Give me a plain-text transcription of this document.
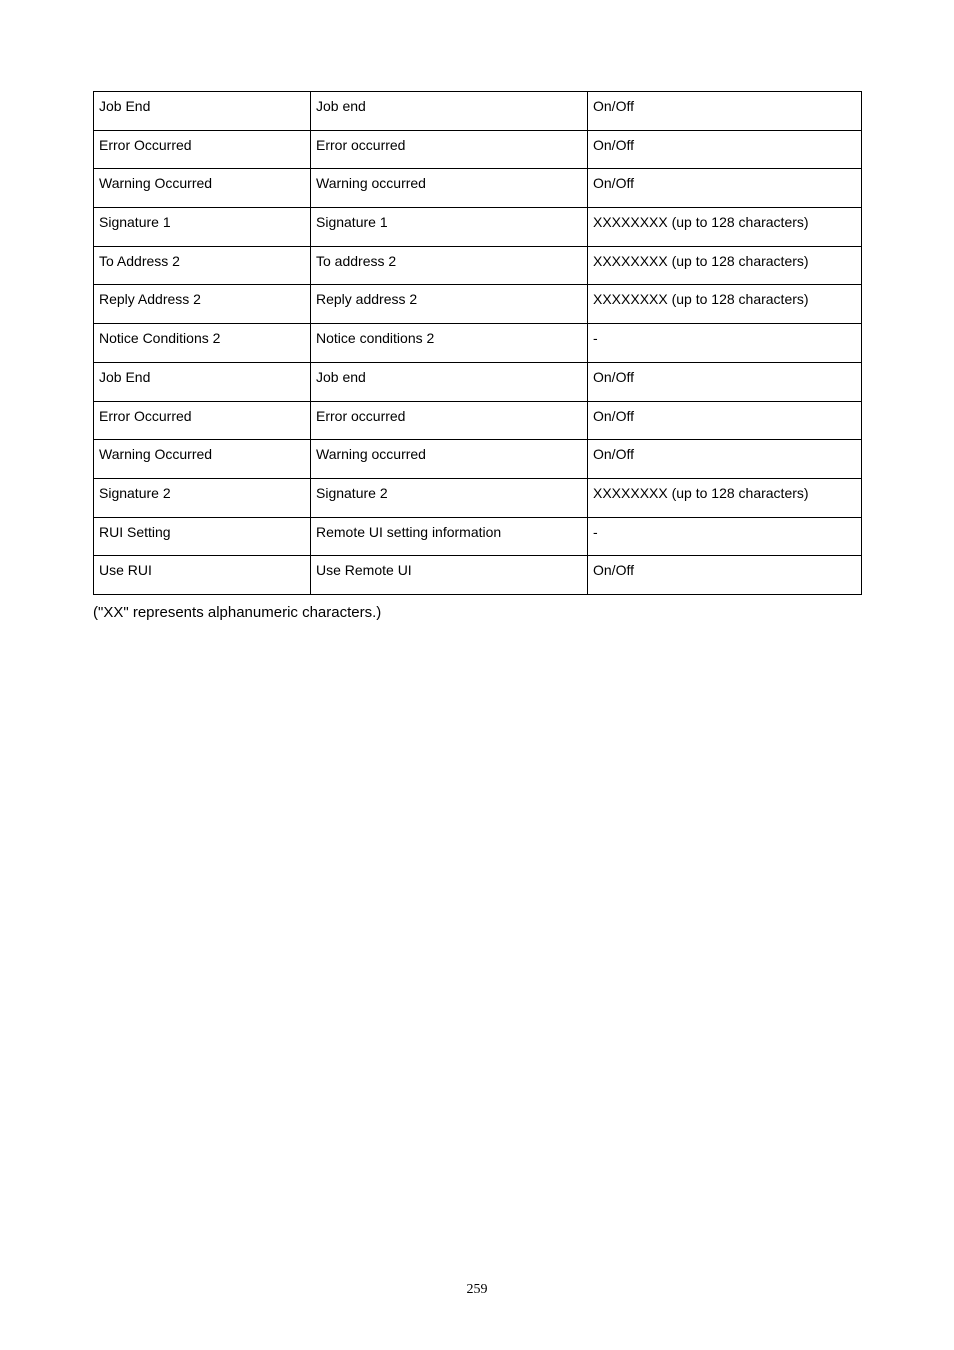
Job End	Job end	On/Off
Error Occurred	Error occurred	On/Off
Warning Occurred	Warning occurred	On/Off
Signature 1	Signature 1	XXXXXXXX (up to 128 characters)
To Address 2	To address 2	XXXXXXXX (up to 128 characters)
Reply Address 2	Reply address 2	XXXXXXXX (up to 128 characters)
Notice Conditions 2	Notice conditions 2	-
Job End	Job end	On/Off
Error Occurred	Error occurred	On/Off
Warning Occurred	Warning occurred	On/Off
Signature 2	Signature 2	XXXXXXXX (up to 128 characters)
RUI Setting	Remote UI setting information	-
Use RUI	Use Remote UI	On/Off
("XX" represents alphanumeric characters.)
259
